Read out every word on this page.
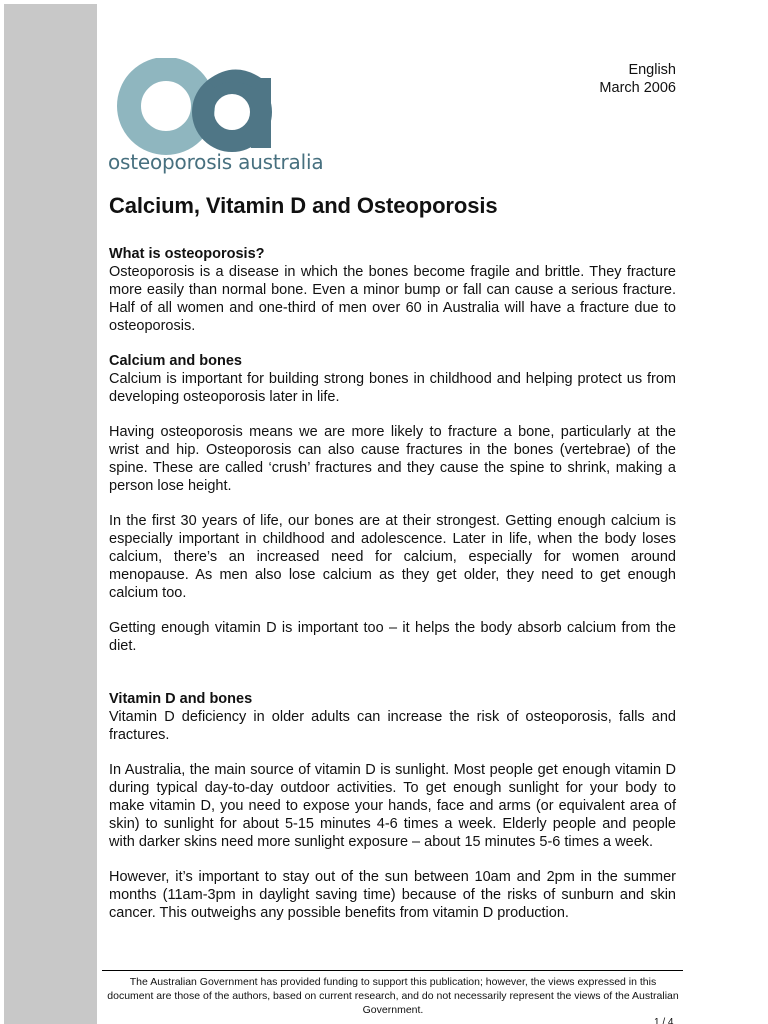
osteoporosis australia
English
March 2006
Calcium, Vitamin D and Osteoporosis
What is osteoporosis?

Osteoporosis is a disease in which the bones become fragile and brittle. They fracture more easily than normal bone. Even a minor bump or fall can cause a serious fracture. Half of all women and one-third of men over 60 in Australia will have a fracture due to osteoporosis.

Calcium and bones

Calcium is important for building strong bones in childhood and helping protect us from developing osteoporosis later in life.

Having osteoporosis means we are more likely to fracture a bone, particularly at the wrist and hip. Osteoporosis can also cause fractures in the bones (vertebrae) of the spine. These are called ‘crush’ fractures and they cause the spine to shrink, making a person lose height.

In the first 30 years of life, our bones are at their strongest. Getting enough calcium is especially important in childhood and adolescence. Later in life, when the body loses calcium, there’s an increased need for calcium, especially for women around menopause. As men also lose calcium as they get older, they need to get enough calcium too.

Getting enough vitamin D is important too – it helps the body absorb calcium from the diet.

Vitamin D and bones

Vitamin D deficiency in older adults can increase the risk of osteoporosis, falls and fractures.

In Australia, the main source of vitamin D is sunlight. Most people get enough vitamin D during typical day-to-day outdoor activities. To get enough sunlight for your body to make vitamin D, you need to expose your hands, face and arms (or equivalent area of skin) to sunlight for about 5-15 minutes 4-6 times a week. Elderly people and people with darker skins need more sunlight exposure – about 15 minutes 5-6 times a week.

However, it’s important to stay out of the sun between 10am and 2pm in the summer months (11am-3pm in daylight saving time) because of the risks of sunburn and skin cancer. This outweighs any possible benefits from vitamin D production.

The Australian Government has provided funding to support this publication; however, the views expressed in this document are those of the authors, based on current research, and do not necessarily represent the views of the Australian Government.
1 / 4
